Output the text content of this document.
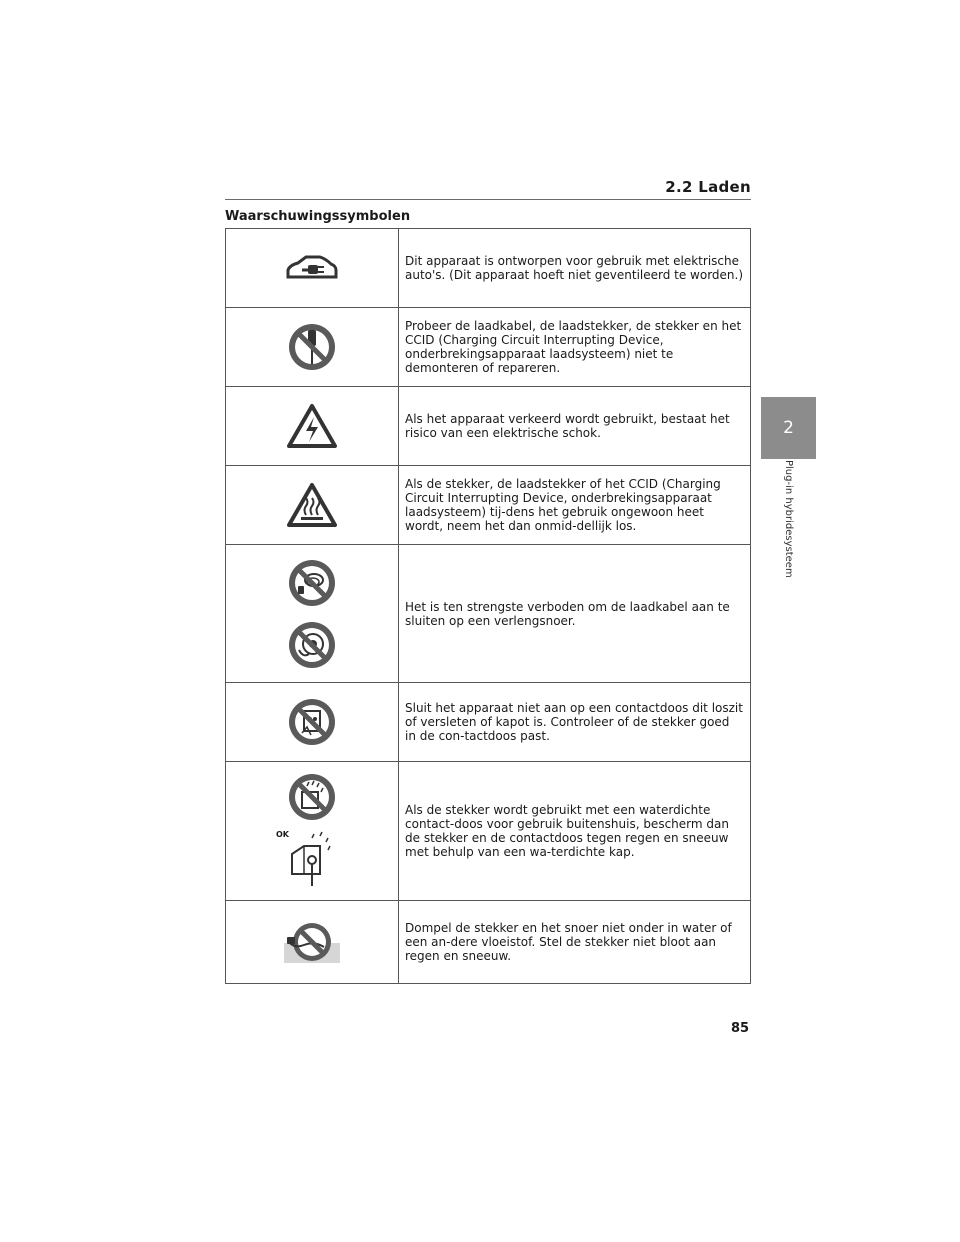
2.2 Laden
Waarschuwingssymbolen
2
Plug-in hybridesysteem
	Dit apparaat is ontworpen voor gebruik met elektrische auto's. (Dit apparaat hoeft niet geventileerd te worden.)

	Probeer de laadkabel, de laadstekker, de stekker en het CCID (Charging Circuit Interrupting Device, onderbrekingsapparaat laadsysteem) niet te demonteren of repareren.

	Als het apparaat verkeerd wordt gebruikt, bestaat het risico van een elektrische schok.

	Als de stekker, de laadstekker of het CCID (Charging Circuit Interrupting Device, onderbrekingsapparaat laadsysteem) tij-dens het gebruik ongewoon heet wordt, neem het dan onmid-dellijk los.

	Het is ten strengste verboden om de laadkabel aan te sluiten op een verlengsnoer.

	Sluit het apparaat niet aan op een contactdoos dit loszit of versleten of kapot is. Controleer of de stekker goed in de con-tactdoos past.

OK	Als de stekker wordt gebruikt met een waterdichte contact-doos voor gebruik buitenshuis, bescherm dan de stekker en de contactdoos tegen regen en sneeuw met behulp van een wa-terdichte kap.

	Dompel de stekker en het snoer niet onder in water of een an-dere vloeistof. Stel de stekker niet bloot aan regen en sneeuw.
85
